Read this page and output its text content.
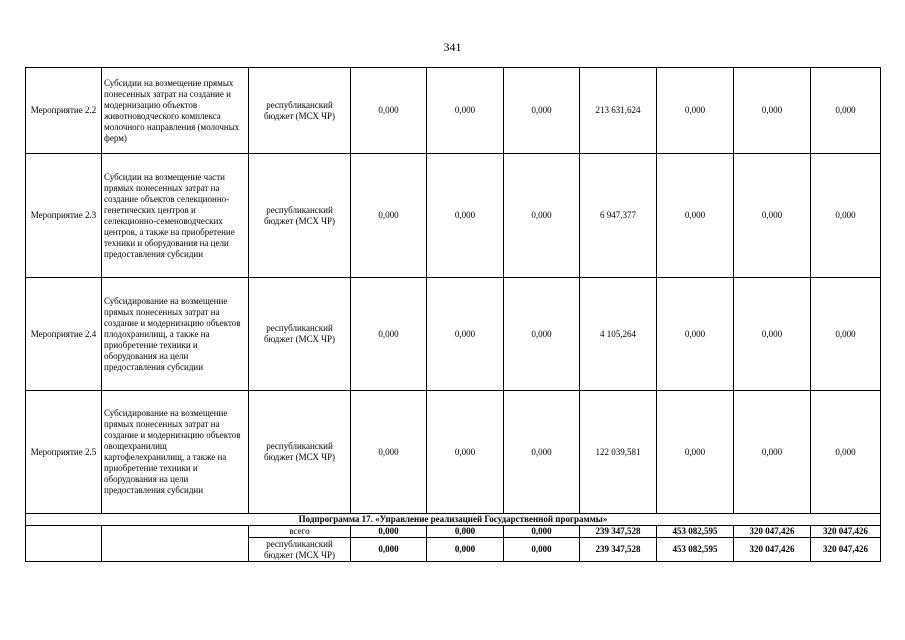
341
Мероприятие 2.2	Субсидии на возмещение прямых понесенных затрат на создание и модернизацию объектов животноводческого комплекса молочного направления (молочных ферм)	республиканский бюджет (МСХ ЧР)	0,000	0,000	0,000	213 631,624	0,000	0,000	0,000
Мероприятие 2.3	Субсидии на возмещение части прямых понесенных затрат на создание объектов селекционно-генетических центров и селекционно-семеноводческих центров, а также на приобретение техники и оборудования на цели предоставления субсидии	республиканский бюджет (МСХ ЧР)	0,000	0,000	0,000	6 947,377	0,000	0,000	0,000
Мероприятие 2.4	Субсидирование на возмещение прямых понесенных затрат на создание и модернизацию объектов плодохранилищ, а также на приобретение техники и оборудования на цели предоставления субсидии	республиканский бюджет (МСХ ЧР)	0,000	0,000	0,000	4 105,264	0,000	0,000	0,000
Мероприятие 2.5	Субсидирование на возмещение прямых понесенных затрат на создание и модернизацию объектов овощехранилищ картофелехранилищ, а также на приобретение техники и оборудования на цели предоставления субсидии	республиканский бюджет (МСХ ЧР)	0,000	0,000	0,000	122 039,581	0,000	0,000	0,000
Подпрограмма 17. «Управление реализацией Государственной программы»									
		всего	0,000	0,000	0,000	239 347,528	453 082,595	320 047,426	320 047,426
		республиканский бюджет (МСХ ЧР)	0,000	0,000	0,000	239 347,528	453 082,595	320 047,426	320 047,426
